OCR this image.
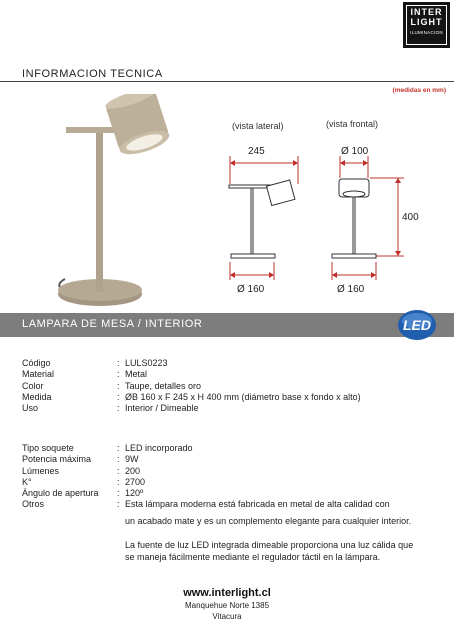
INTER
LIGHT
ILUMINACION
INFORMACION TECNICA
(medidas en mm)
(vista lateral)	(vista frontal)
245
Ø 160
Ø 100
400
Ø 160
LAMPARA DE MESA / INTERIOR	LED
Código	: LULS0223
Material	: Metal
Color	: Taupe, detalles oro
Medida	: ØB 160 x F 245 x H 400 mm (diámetro base x fondo x alto)
Uso	: Interior / Dimeable
Tipo soquete	: LED incorporado
Potencia máxima	: 9W
Lúmenes	: 200
K°	: 2700
Ángulo de apertura	: 120º
Otros	: Esta lámpara moderna está fabricada en metal de alta calidad con
un acabado mate y es un complemento elegante para cualquier interior.
La fuente de luz LED integrada dimeable proporciona una luz cálida que
se maneja fácilmente mediante el regulador táctil en la lámpara.
www.interlight.cl
Manquehue Norte 1385
Vitacura
